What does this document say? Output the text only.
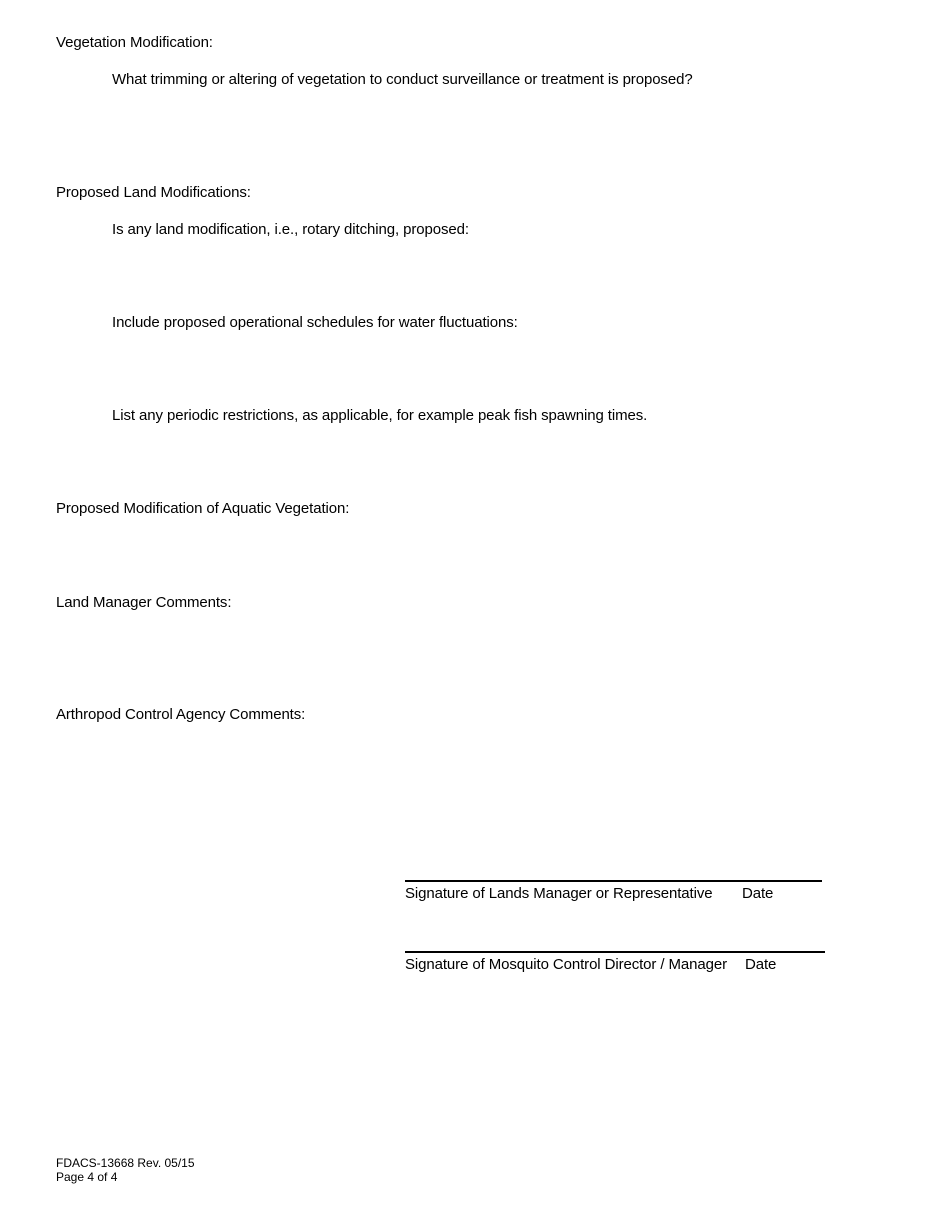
Vegetation Modification:
What trimming or altering of vegetation to conduct surveillance or treatment is proposed?
Proposed Land Modifications:
Is any land modification, i.e., rotary ditching, proposed:
Include proposed operational schedules for water fluctuations:
List any periodic restrictions, as applicable, for example peak fish spawning times.
Proposed Modification of Aquatic Vegetation:
Land Manager Comments:
Arthropod Control Agency Comments:
Signature of Lands Manager or Representative Date
Signature of Mosquito Control Director / Manager Date
FDACS-13668 Rev. 05/15
Page 4 of 4
